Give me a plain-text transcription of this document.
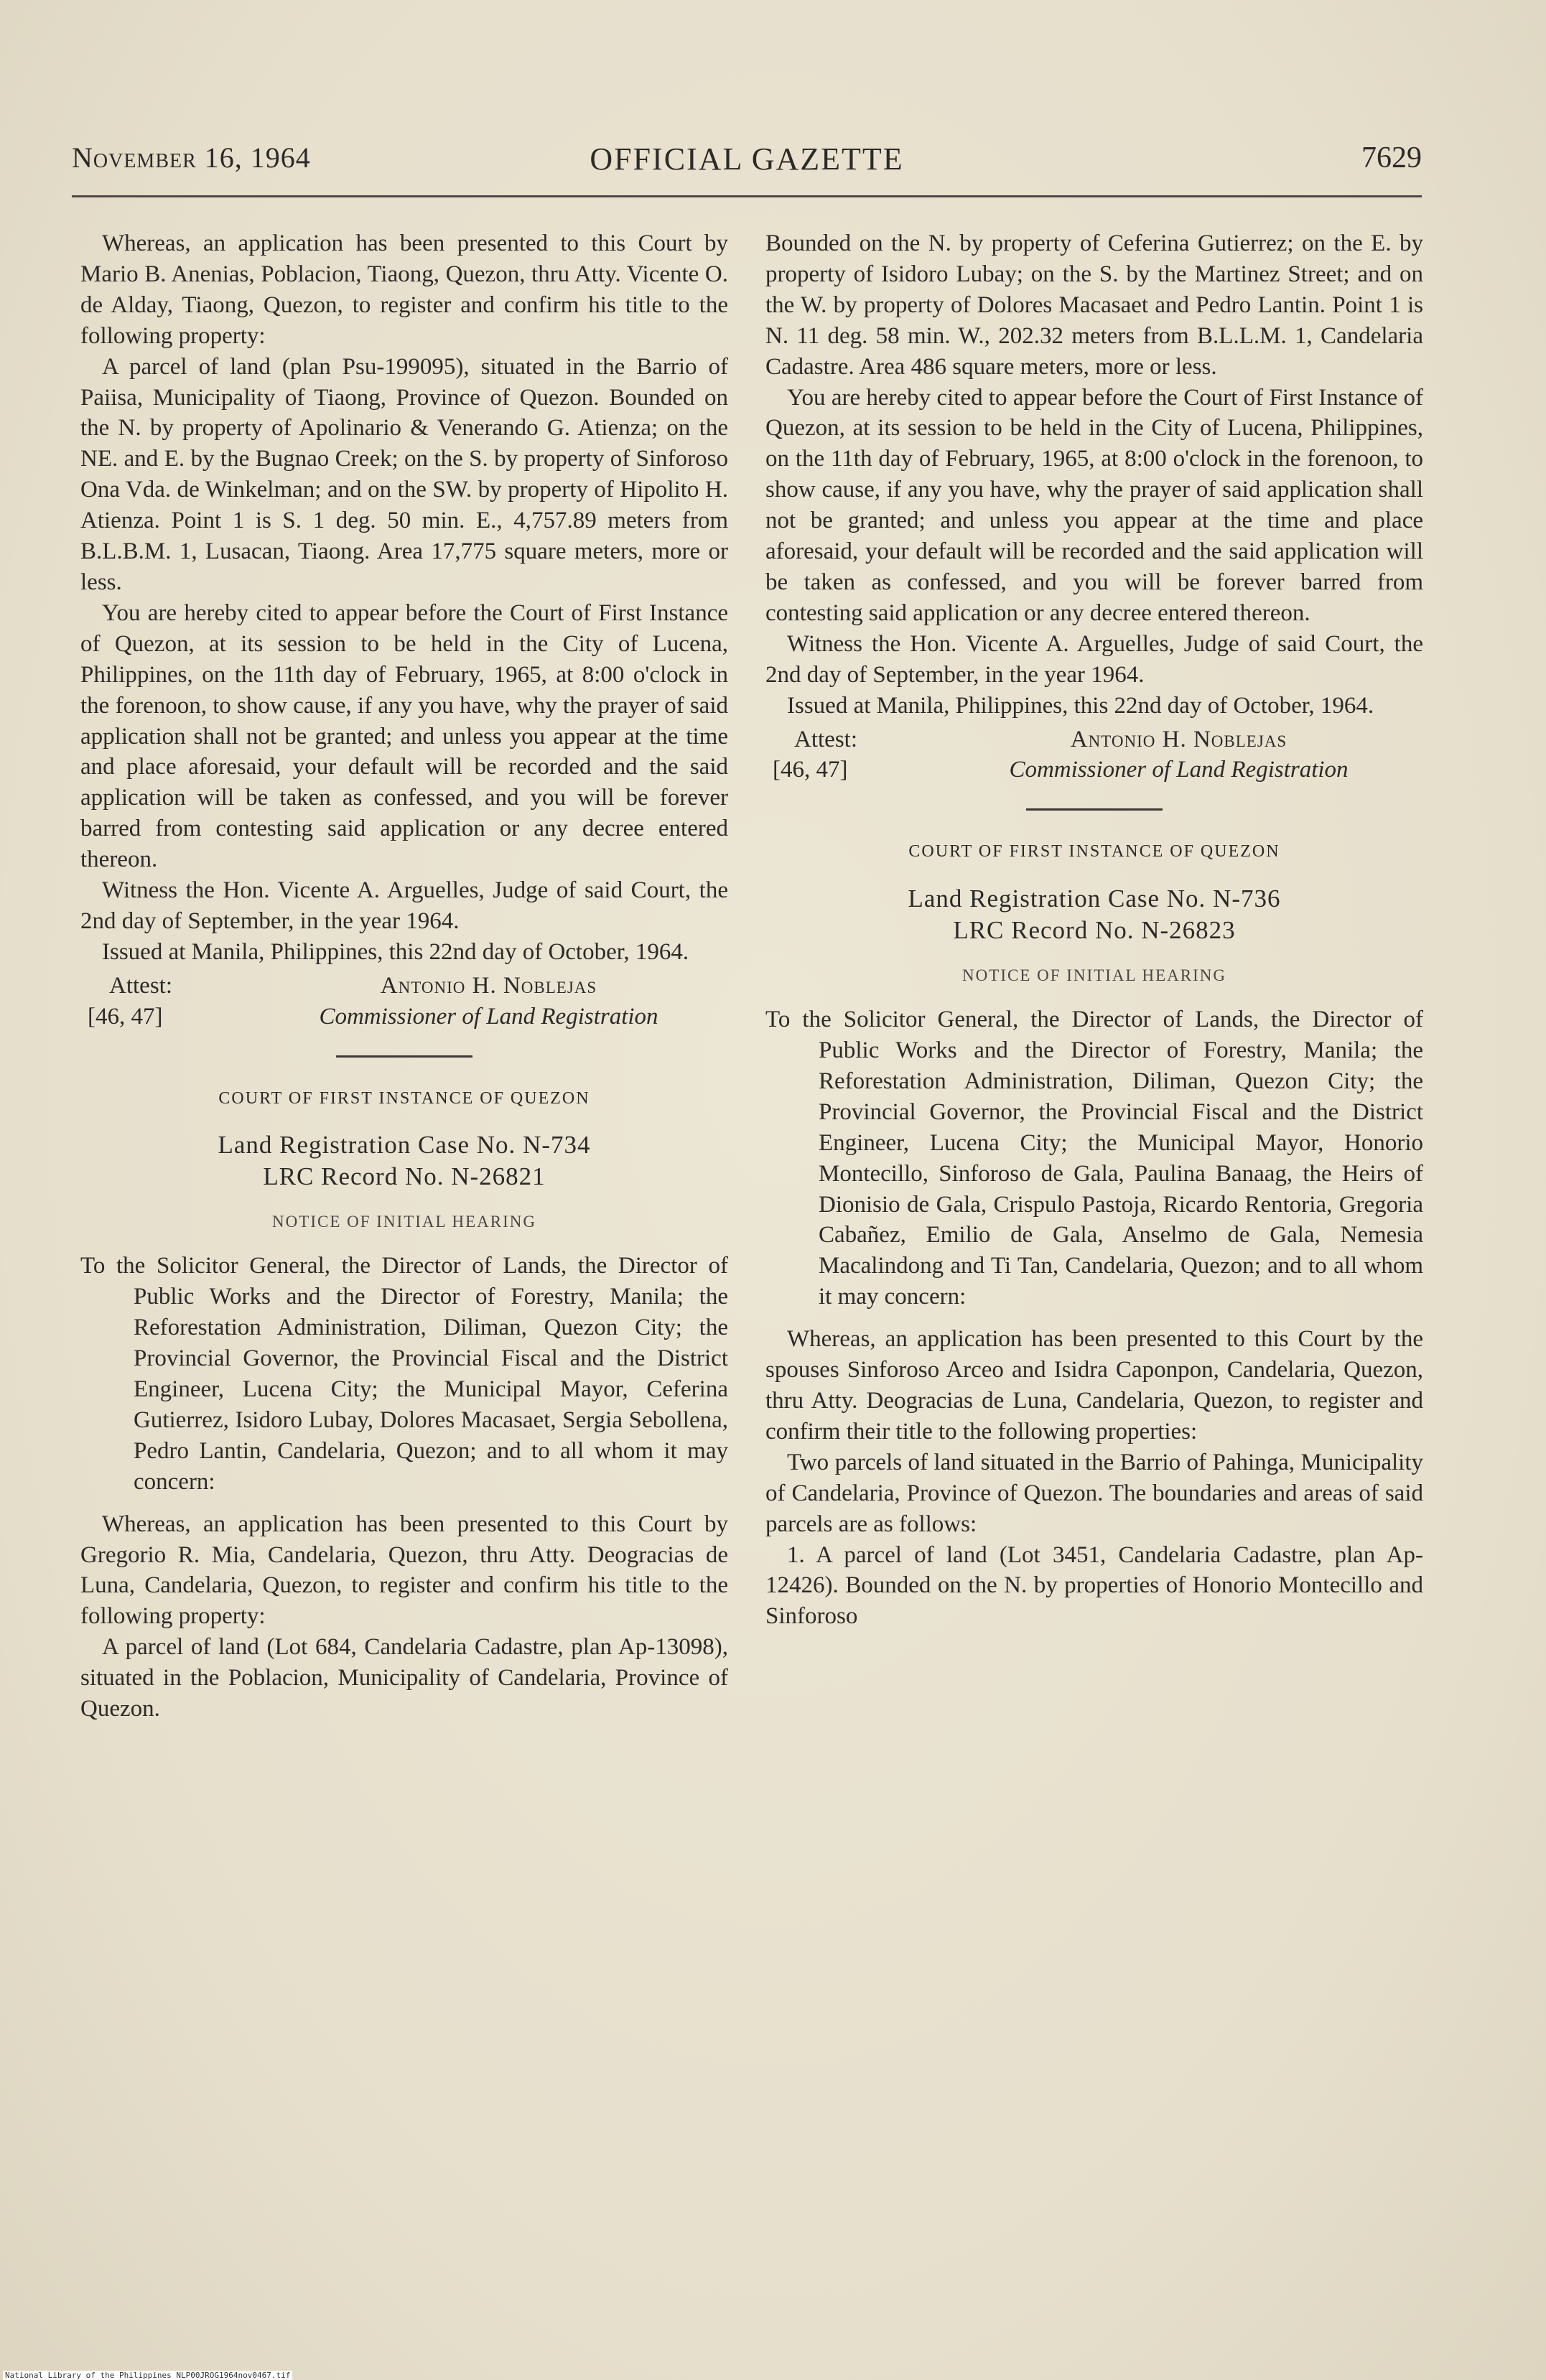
November 16, 1964	OFFICIAL GAZETTE	7629

Whereas, an application has been presented to this Court by Mario B. Anenias, Poblacion, Tiaong, Quezon, thru Atty. Vicente O. de Alday, Tiaong, Quezon, to register and confirm his title to the following property:

A parcel of land (plan Psu-199095), situated in the Barrio of Paiisa, Municipality of Tiaong, Province of Quezon. Bounded on the N. by property of Apolinario & Venerando G. Atienza; on the NE. and E. by the Bugnao Creek; on the S. by property of Sinforoso Ona Vda. de Winkelman; and on the SW. by property of Hipolito H. Atienza. Point 1 is S. 1 deg. 50 min. E., 4,757.89 meters from B.L.B.M. 1, Lusacan, Tiaong. Area 17,775 square meters, more or less.

You are hereby cited to appear before the Court of First Instance of Quezon, at its session to be held in the City of Lucena, Philippines, on the 11th day of February, 1965, at 8:00 o'clock in the forenoon, to show cause, if any you have, why the prayer of said application shall not be granted; and unless you appear at the time and place aforesaid, your default will be recorded and the said application will be taken as confessed, and you will be forever barred from contesting said application or any decree entered thereon.

Witness the Hon. Vicente A. Arguelles, Judge of said Court, the 2nd day of September, in the year 1964.

Issued at Manila, Philippines, this 22nd day of October, 1964.

Attest:
[46, 47]
Antonio H. Noblejas
Commissioner of Land Registration
COURT OF FIRST INSTANCE OF QUEZON
Land Registration Case No. N-734
LRC Record No. N-26821
NOTICE OF INITIAL HEARING

To the Solicitor General, the Director of Lands, the Director of Public Works and the Director of Forestry, Manila; the Reforestation Administration, Diliman, Quezon City; the Provincial Governor, the Provincial Fiscal and the District Engineer, Lucena City; the Municipal Mayor, Ceferina Gutierrez, Isidoro Lubay, Dolores Macasaet, Sergia Sebollena, Pedro Lantin, Candelaria, Quezon; and to all whom it may concern:

Whereas, an application has been presented to this Court by Gregorio R. Mia, Candelaria, Quezon, thru Atty. Deogracias de Luna, Candelaria, Quezon, to register and confirm his title to the following property:

A parcel of land (Lot 684, Candelaria Cadastre, plan Ap-13098), situated in the Poblacion, Municipality of Candelaria, Province of Quezon.

Bounded on the N. by property of Ceferina Gutierrez; on the E. by property of Isidoro Lubay; on the S. by the Martinez Street; and on the W. by property of Dolores Macasaet and Pedro Lantin. Point 1 is N. 11 deg. 58 min. W., 202.32 meters from B.L.L.M. 1, Candelaria Cadastre. Area 486 square meters, more or less.

You are hereby cited to appear before the Court of First Instance of Quezon, at its session to be held in the City of Lucena, Philippines, on the 11th day of February, 1965, at 8:00 o'clock in the forenoon, to show cause, if any you have, why the prayer of said application shall not be granted; and unless you appear at the time and place aforesaid, your default will be recorded and the said application will be taken as confessed, and you will be forever barred from contesting said application or any decree entered thereon.

Witness the Hon. Vicente A. Arguelles, Judge of said Court, the 2nd day of September, in the year 1964.

Issued at Manila, Philippines, this 22nd day of October, 1964.

Attest:
[46, 47]
Antonio H. Noblejas
Commissioner of Land Registration
COURT OF FIRST INSTANCE OF QUEZON
Land Registration Case No. N-736
LRC Record No. N-26823
NOTICE OF INITIAL HEARING

To the Solicitor General, the Director of Lands, the Director of Public Works and the Director of Forestry, Manila; the Reforestation Administration, Diliman, Quezon City; the Provincial Governor, the Provincial Fiscal and the District Engineer, Lucena City; the Municipal Mayor, Honorio Montecillo, Sinforoso de Gala, Paulina Banaag, the Heirs of Dionisio de Gala, Crispulo Pastoja, Ricardo Rentoria, Gregoria Cabañez, Emilio de Gala, Anselmo de Gala, Nemesia Macalindong and Ti Tan, Candelaria, Quezon; and to all whom it may concern:

Whereas, an application has been presented to this Court by the spouses Sinforoso Arceo and Isidra Caponpon, Candelaria, Quezon, thru Atty. Deogracias de Luna, Candelaria, Quezon, to register and confirm their title to the following properties:

Two parcels of land situated in the Barrio of Pahinga, Municipality of Candelaria, Province of Quezon. The boundaries and areas of said parcels are as follows:

1. A parcel of land (Lot 3451, Candelaria Cadastre, plan Ap-12426). Bounded on the N. by properties of Honorio Montecillo and Sinforoso

National Library of the Philippines NLP00JROG1964nov0467.tif
